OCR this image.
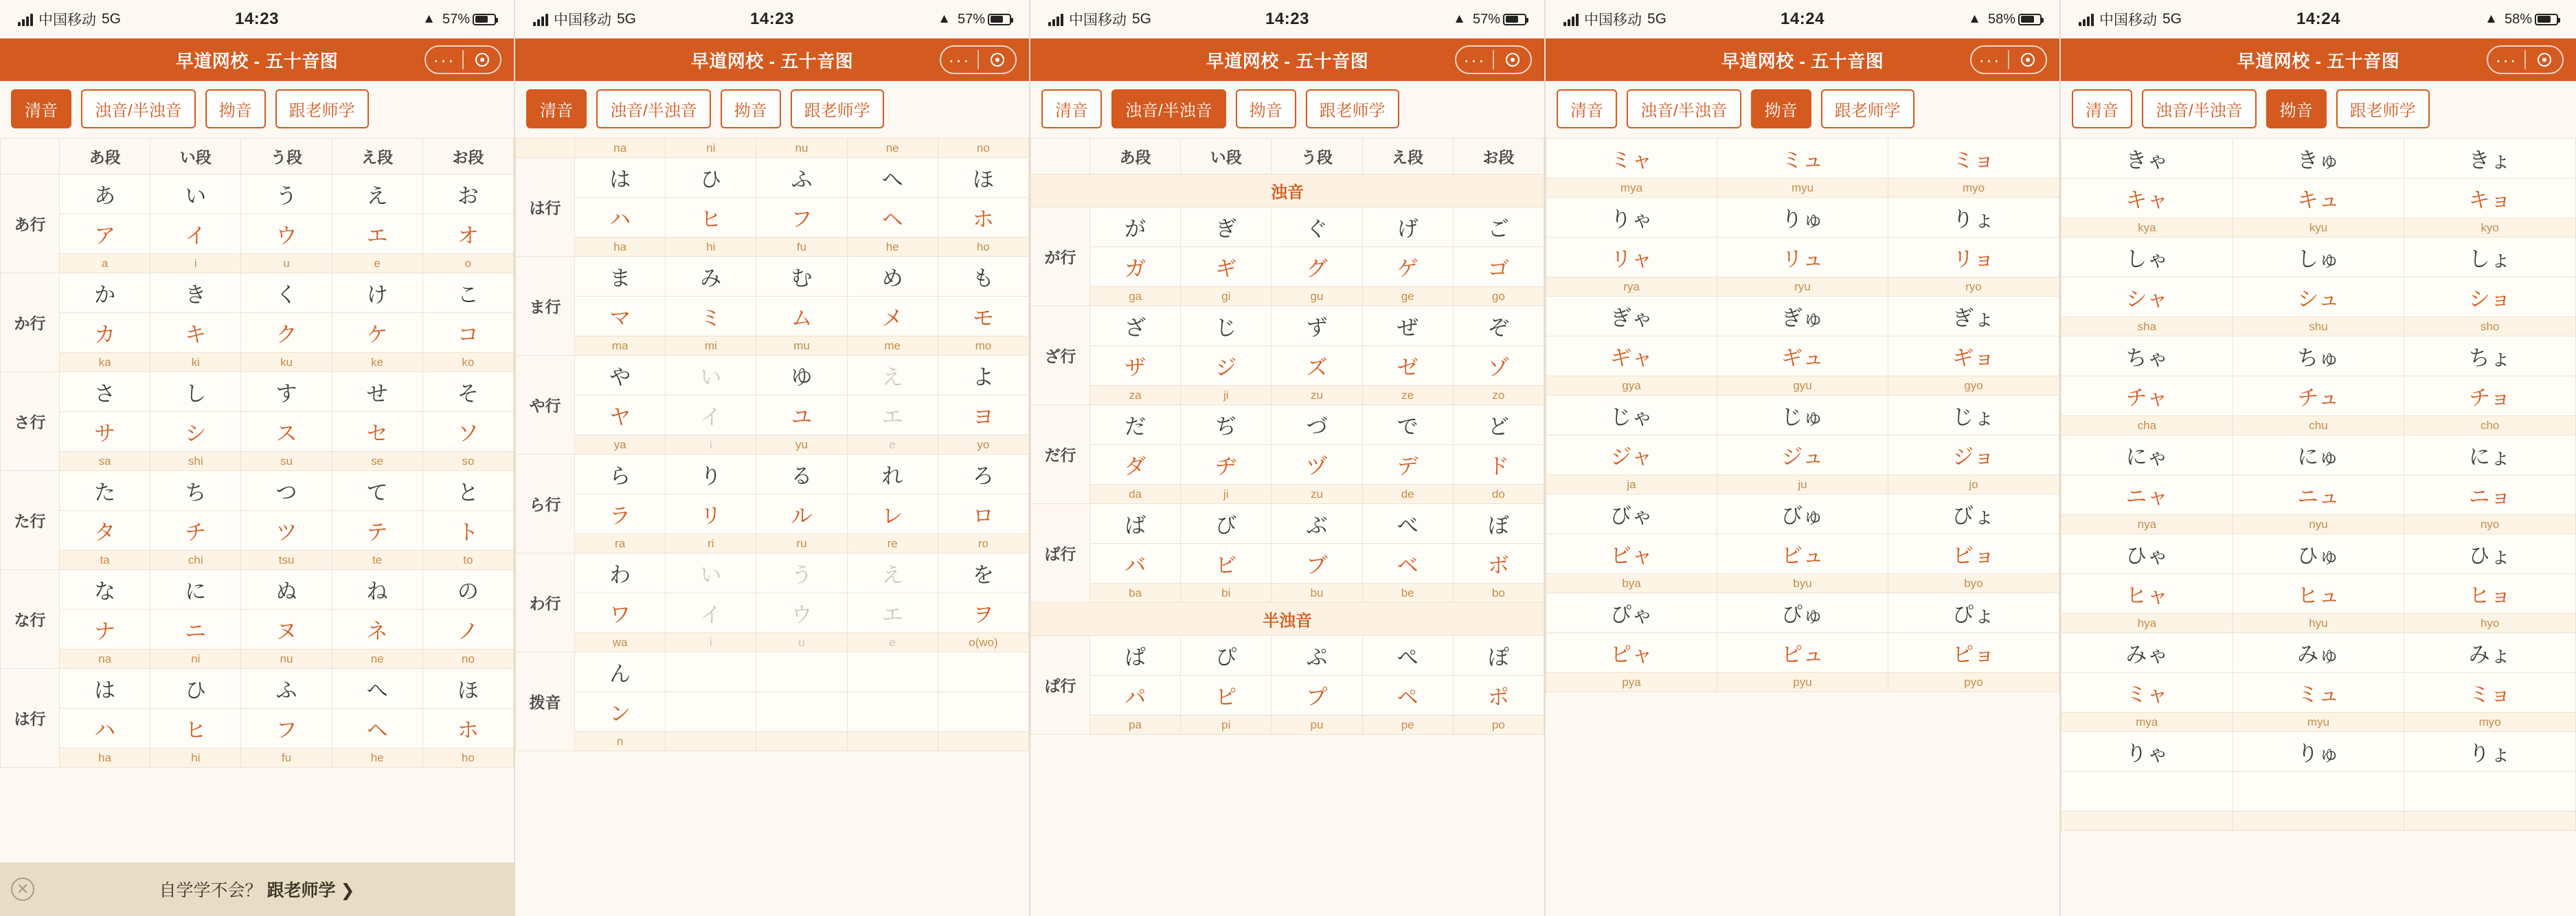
中国移动 5G	14:23	▲ 57%
早道网校 - 五十音图	···
清音	浊音/半浊音	拗音	跟老师学
	あ段	い段	う段	え段	お段
あ行	あ	い	う	え	お
	ア	イ	ウ	エ	オ
	a	i	u	e	o
か行	か	き	く	け	こ
	カ	キ	ク	ケ	コ
	ka	ki	ku	ke	ko
さ行	さ	し	す	せ	そ
	サ	シ	ス	セ	ソ
	sa	shi	su	se	so
た行	た	ち	つ	て	と
	タ	チ	ツ	テ	ト
	ta	chi	tsu	te	to
な行	な	に	ぬ	ね	の
	ナ	ニ	ヌ	ネ	ノ
	na	ni	nu	ne	no
は行	は	ひ	ふ	へ	ほ
	ハ	ヒ	フ	ヘ	ホ
	ha	hi	fu	he	ho
✕	自学学不会？ 跟老师学 ❯
中国移动 5G	14:23	▲ 57%
早道网校 - 五十音图	···
清音	浊音/半浊音	拗音	跟老师学
	na	ni	nu	ne	no
は行	は	ひ	ふ	へ	ほ
	ハ	ヒ	フ	ヘ	ホ
	ha	hi	fu	he	ho
ま行	ま	み	む	め	も
	マ	ミ	ム	メ	モ
	ma	mi	mu	me	mo
や行	や	い	ゆ	え	よ
	ヤ	イ	ユ	エ	ヨ
	ya	i	yu	e	yo
ら行	ら	り	る	れ	ろ
	ラ	リ	ル	レ	ロ
	ra	ri	ru	re	ro
わ行	わ	い	う	え	を
	ワ	イ	ウ	エ	ヲ
	wa	i	u	e	o(wo)
拨音	ん				
	ン				
	n				
中国移动 5G	14:23	▲ 57%
早道网校 - 五十音图	···
清音	浊音/半浊音	拗音	跟老师学
	あ段	い段	う段	え段	お段
浊音					
が行	が	ぎ	ぐ	げ	ご
	ガ	ギ	グ	ゲ	ゴ
	ga	gi	gu	ge	go
ざ行	ざ	じ	ず	ぜ	ぞ
	ザ	ジ	ズ	ゼ	ゾ
	za	ji	zu	ze	zo
だ行	だ	ぢ	づ	で	ど
	ダ	ヂ	ヅ	デ	ド
	da	ji	zu	de	do
ば行	ば	び	ぶ	べ	ぼ
	バ	ビ	ブ	ベ	ボ
	ba	bi	bu	be	bo
半浊音					
ぱ行	ぱ	ぴ	ぷ	ぺ	ぽ
	パ	ピ	プ	ペ	ポ
	pa	pi	pu	pe	po
中国移动 5G	14:24	▲ 58%
早道网校 - 五十音图	···
清音	浊音/半浊音	拗音	跟老师学
ミャ	ミュ	ミョ
mya	myu	myo
りゃ	りゅ	りょ
リャ	リュ	リョ
rya	ryu	ryo
ぎゃ	ぎゅ	ぎょ
ギャ	ギュ	ギョ
gya	gyu	gyo
じゃ	じゅ	じょ
ジャ	ジュ	ジョ
ja	ju	jo
びゃ	びゅ	びょ
ビャ	ビュ	ビョ
bya	byu	byo
ぴゃ	ぴゅ	ぴょ
ピャ	ピュ	ピョ
pya	pyu	pyo
中国移动 5G	14:24	▲ 58%
早道网校 - 五十音图	···
清音	浊音/半浊音	拗音	跟老师学
きゃ	きゅ	きょ
キャ	キュ	キョ
kya	kyu	kyo
しゃ	しゅ	しょ
シャ	シュ	ショ
sha	shu	sho
ちゃ	ちゅ	ちょ
チャ	チュ	チョ
cha	chu	cho
にゃ	にゅ	にょ
ニャ	ニュ	ニョ
nya	nyu	nyo
ひゃ	ひゅ	ひょ
ヒャ	ヒュ	ヒョ
hya	hyu	hyo
みゃ	みゅ	みょ
ミャ	ミュ	ミョ
mya	myu	myo
りゃ	りゅ	りょ
